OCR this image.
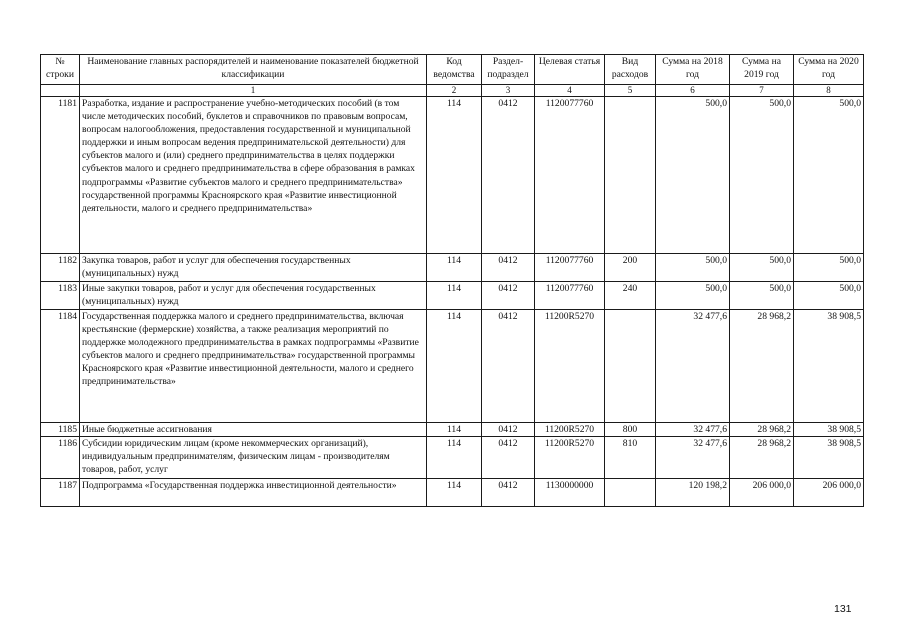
№ строки	Наименование главных распорядителей и наименование показателей бюджетной классификации	Код ведомства	Раздел-подраздел	Целевая статья	Вид расходов	Сумма на 2018 год	Сумма на 2019 год	Сумма на 2020 год
	1	2	3	4	5	6	7	8
1181	Разработка, издание и распространение учебно-методических пособий (в том числе методических пособий, буклетов и справочников по правовым вопросам, вопросам налогообложения, предоставления государственной и муниципальной поддержки и иным вопросам ведения предпринимательской деятельности) для субъектов малого и (или) среднего предпринимательства в целях поддержки субъектов малого и среднего предпринимательства в сфере образования в рамках подпрограммы «Развитие субъектов малого и среднего предпринимательства» государственной программы Красноярского края «Развитие инвестиционной деятельности, малого и среднего предпринимательства»	114	0412	1120077760		500,0	500,0	500,0
1182	Закупка товаров, работ и услуг для обеспечения государственных (муниципальных) нужд	114	0412	1120077760	200	500,0	500,0	500,0
1183	Иные закупки товаров, работ и услуг для обеспечения государственных (муниципальных) нужд	114	0412	1120077760	240	500,0	500,0	500,0
1184	Государственная поддержка малого и среднего предпринимательства, включая крестьянские (фермерские) хозяйства, а также реализация мероприятий по поддержке молодежного предпринимательства в рамках подпрограммы «Развитие субъектов малого и среднего предпринимательства» государственной программы Красноярского края «Развитие инвестиционной деятельности, малого и среднего предпринимательства»	114	0412	11200R5270		32 477,6	28 968,2	38 908,5
1185	Иные бюджетные ассигнования	114	0412	11200R5270	800	32 477,6	28 968,2	38 908,5
1186	Субсидии юридическим лицам (кроме некоммерческих организаций), индивидуальным предпринимателям, физическим лицам - производителям товаров, работ, услуг	114	0412	11200R5270	810	32 477,6	28 968,2	38 908,5
1187	Подпрограмма «Государственная поддержка инвестиционной деятельности»	114	0412	1130000000		120 198,2	206 000,0	206 000,0
131
